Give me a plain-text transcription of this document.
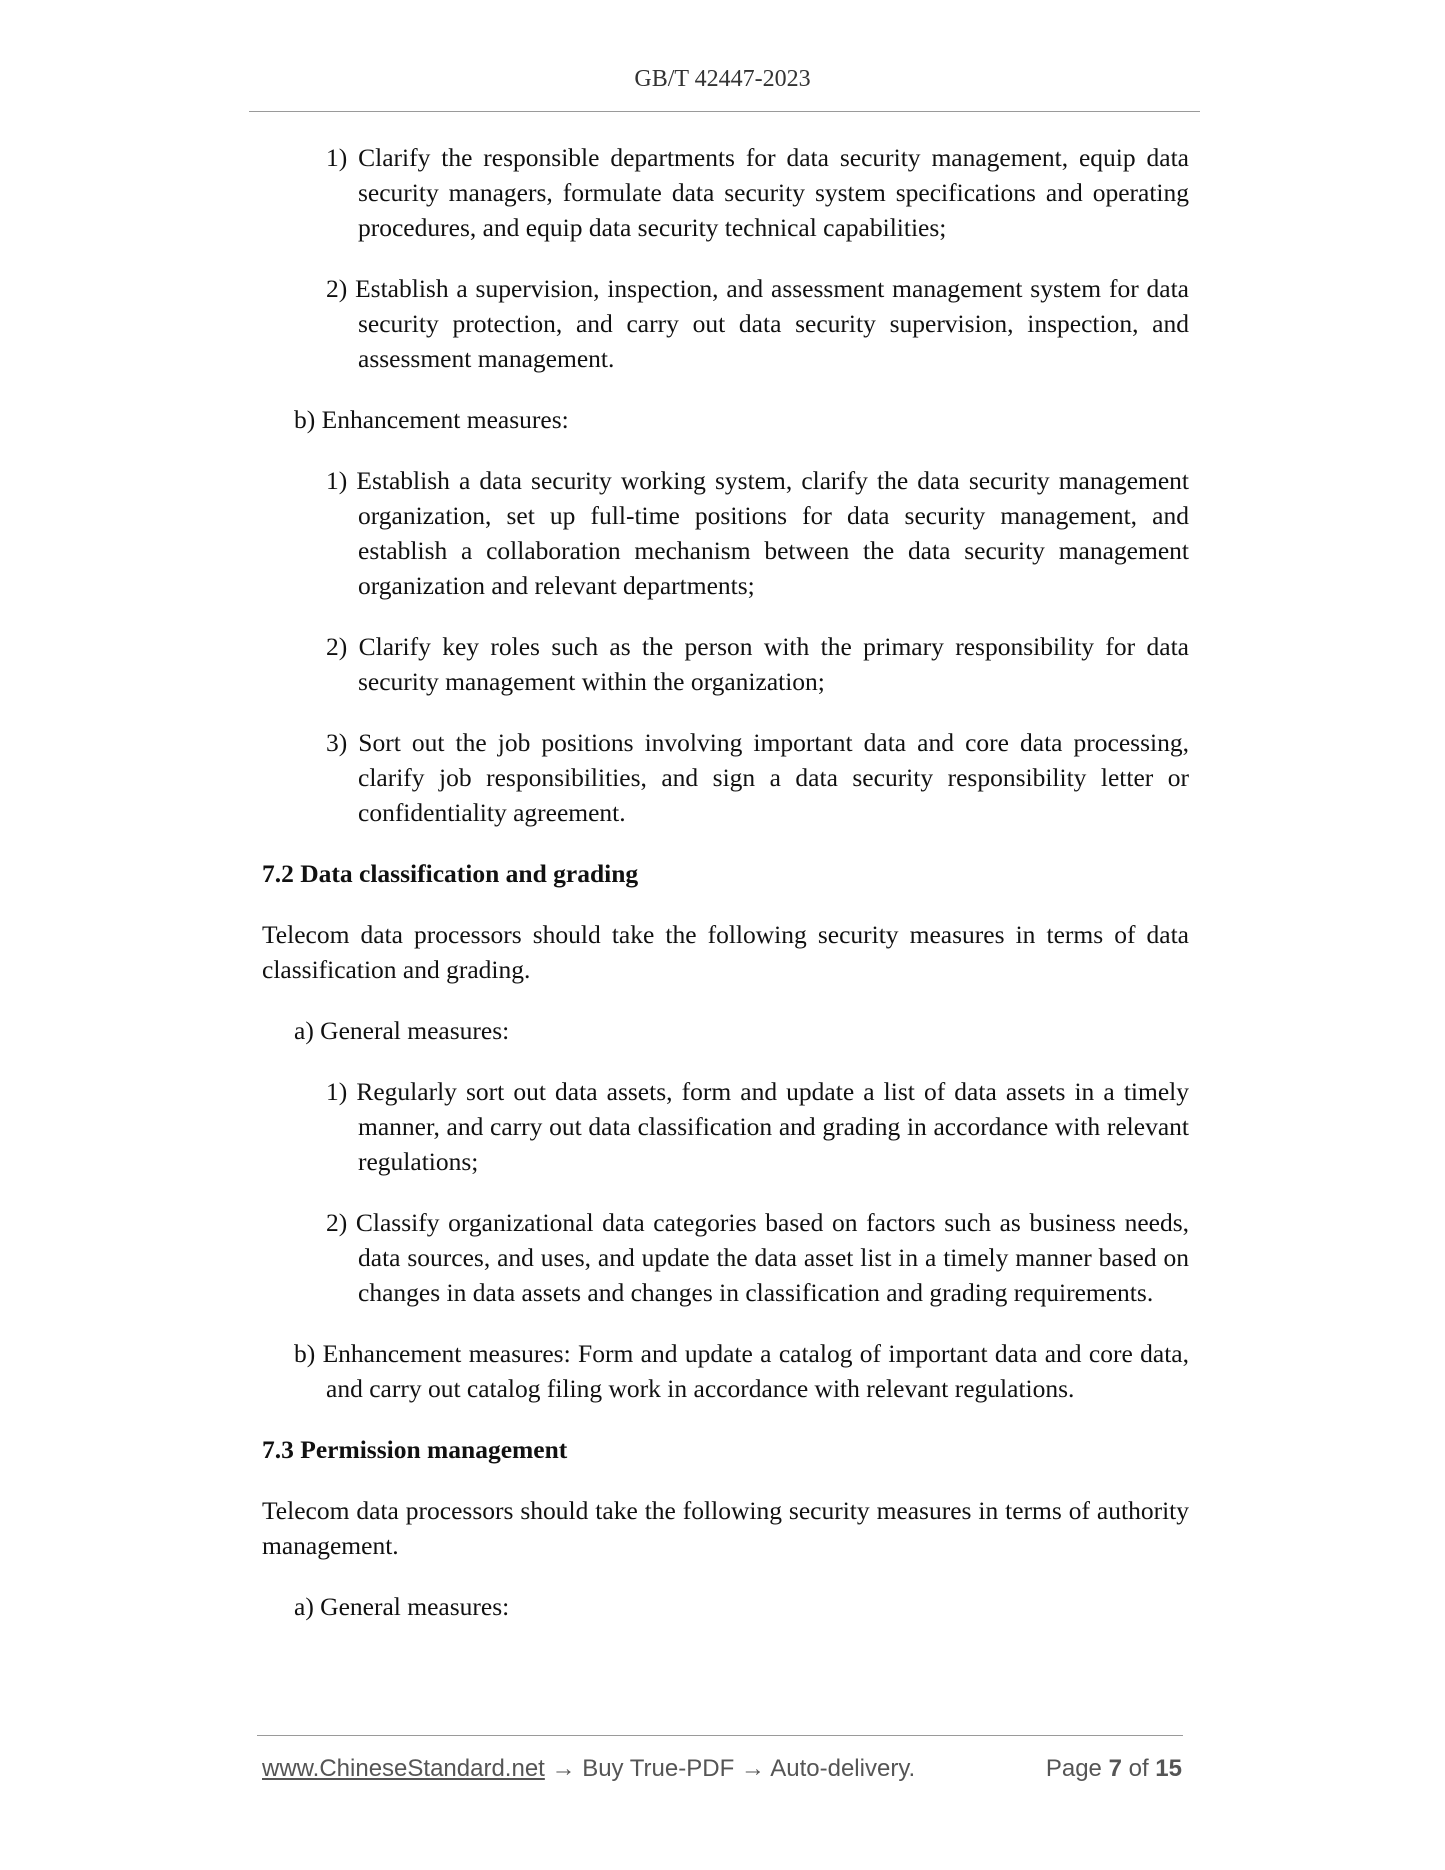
GB/T 42447-2023

1) Clarify the responsible departments for data security management, equip data security managers, formulate data security system specifications and operating procedures, and equip data security technical capabilities;

2) Establish a supervision, inspection, and assessment management system for data security protection, and carry out data security supervision, inspection, and assessment management.

b) Enhancement measures:

1) Establish a data security working system, clarify the data security management organization, set up full-time positions for data security management, and establish a collaboration mechanism between the data security management organization and relevant departments;

2) Clarify key roles such as the person with the primary responsibility for data security management within the organization;

3) Sort out the job positions involving important data and core data processing, clarify job responsibilities, and sign a data security responsibility letter or confidentiality agreement.

7.2 Data classification and grading

Telecom data processors should take the following security measures in terms of data classification and grading.

a) General measures:

1) Regularly sort out data assets, form and update a list of data assets in a timely manner, and carry out data classification and grading in accordance with relevant regulations;

2) Classify organizational data categories based on factors such as business needs, data sources, and uses, and update the data asset list in a timely manner based on changes in data assets and changes in classification and grading requirements.

b) Enhancement measures: Form and update a catalog of important data and core data, and carry out catalog filing work in accordance with relevant regulations.

7.3 Permission management

Telecom data processors should take the following security measures in terms of authority management.

a) General measures:

www.ChineseStandard.net → Buy True-PDF → Auto-delivery.	Page 7 of 15
